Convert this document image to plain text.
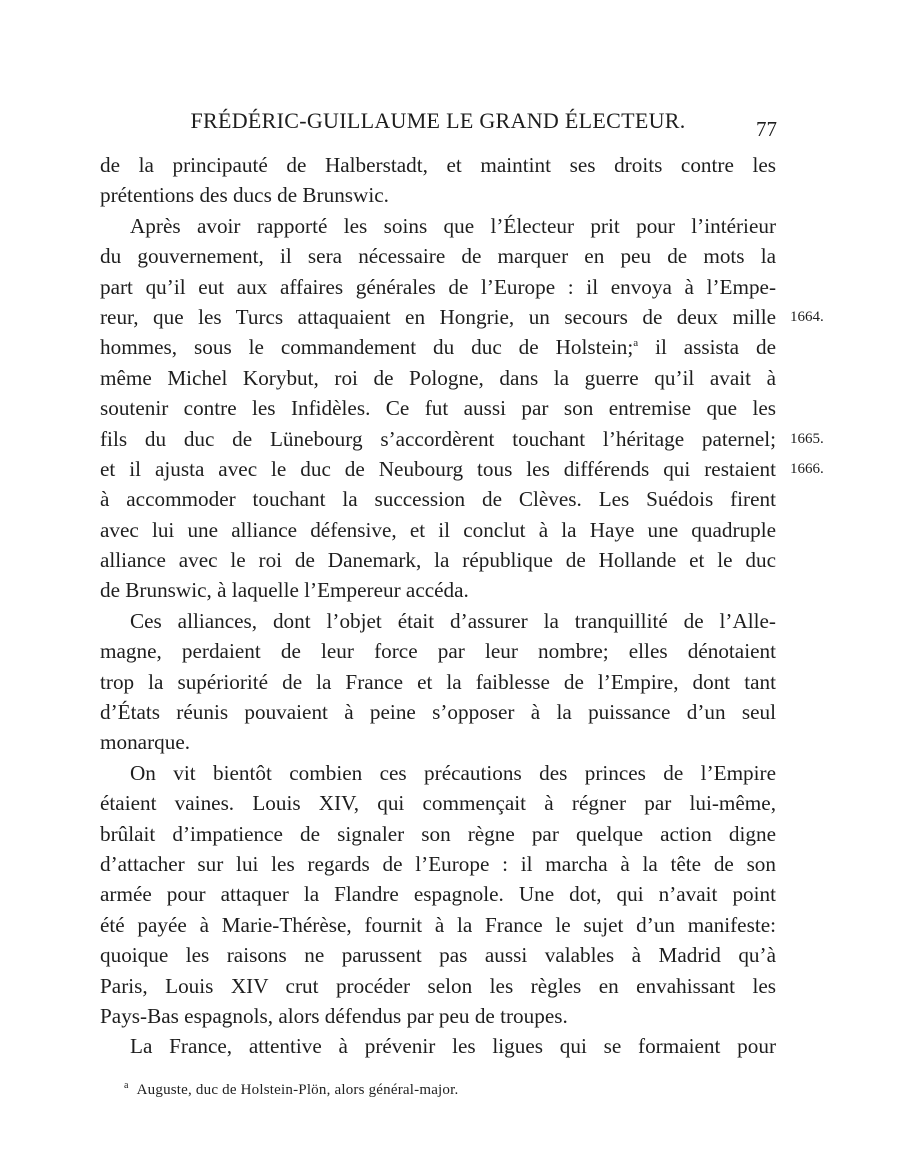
FRÉDÉRIC-GUILLAUME LE GRAND ÉLECTEUR.	77
de la principauté de Halberstadt, et maintint ses droits contre les
prétentions des ducs de Brunswic.
Après avoir rapporté les soins que l’Électeur prit pour l’intérieur
du gouvernement, il sera nécessaire de marquer en peu de mots la
part qu’il eut aux affaires générales de l’Europe : il envoya à l’Empe-
reur, que les Turcs attaquaient en Hongrie, un secours de deux mille 1664.
hommes, sous le commandement du duc de Holstein;$^a$ il assista de
même Michel Korybut, roi de Pologne, dans la guerre qu’il avait à
soutenir contre les Infidèles. Ce fut aussi par son entremise que les
fils du duc de Lünebourg s’accordèrent touchant l’héritage paternel; 1665.
et il ajusta avec le duc de Neubourg tous les différends qui restaient 1666.
à accommoder touchant la succession de Clèves. Les Suédois firent
avec lui une alliance défensive, et il conclut à la Haye une quadruple
alliance avec le roi de Danemark, la république de Hollande et le duc
de Brunswic, à laquelle l’Empereur accéda.
Ces alliances, dont l’objet était d’assurer la tranquillité de l’Alle-
magne, perdaient de leur force par leur nombre; elles dénotaient
trop la supériorité de la France et la faiblesse de l’Empire, dont tant
d’États réunis pouvaient à peine s’opposer à la puissance d’un seul
monarque.
On vit bientôt combien ces précautions des princes de l’Empire
étaient vaines. Louis XIV, qui commençait à régner par lui-même,
brûlait d’impatience de signaler son règne par quelque action digne
d’attacher sur lui les regards de l’Europe : il marcha à la tête de son
armée pour attaquer la Flandre espagnole. Une dot, qui n’avait point
été payée à Marie-Thérèse, fournit à la France le sujet d’un manifeste:
quoique les raisons ne parussent pas aussi valables à Madrid qu’à
Paris, Louis XIV crut procéder selon les règles en envahissant les
Pays-Bas espagnols, alors défendus par peu de troupes.
La France, attentive à prévenir les ligues qui se formaient pour
$^a$ Auguste, duc de Holstein-Plön, alors général-major.
